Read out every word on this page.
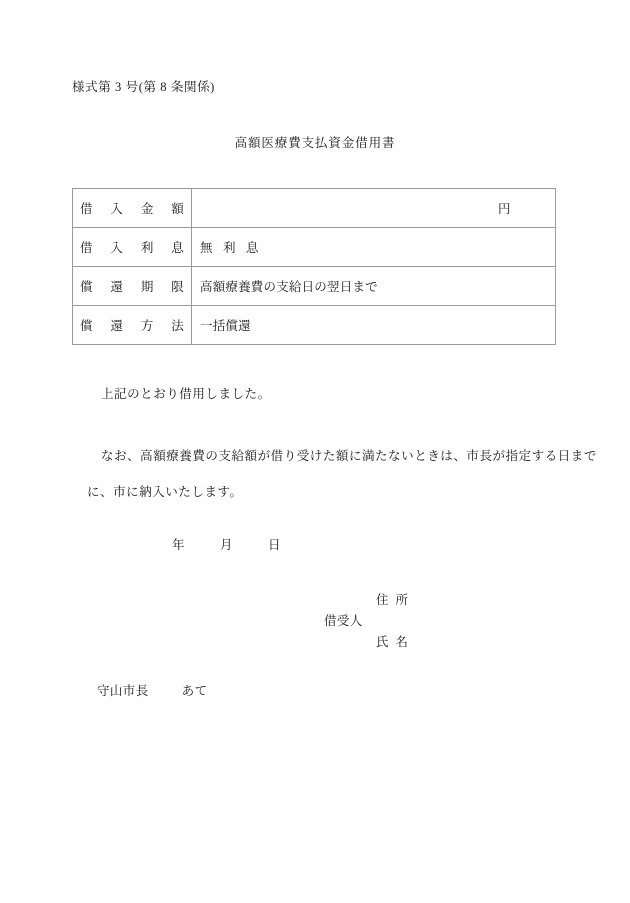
様式第 3 号(第 8 条関係)
高額医療費支払資金借用書
借入金額	円

借入利息	無利息
償還期限	高額療養費の支給日の翌日まで
償還方法	一括償還
上記のとおり借用しました。
なお、高額療養費の支給額が借り受けた額に満たないときは、市長が指定する日まで
に、市に納入いたします。
年	月	日
住所
借受人
氏名
守山市長	あて
